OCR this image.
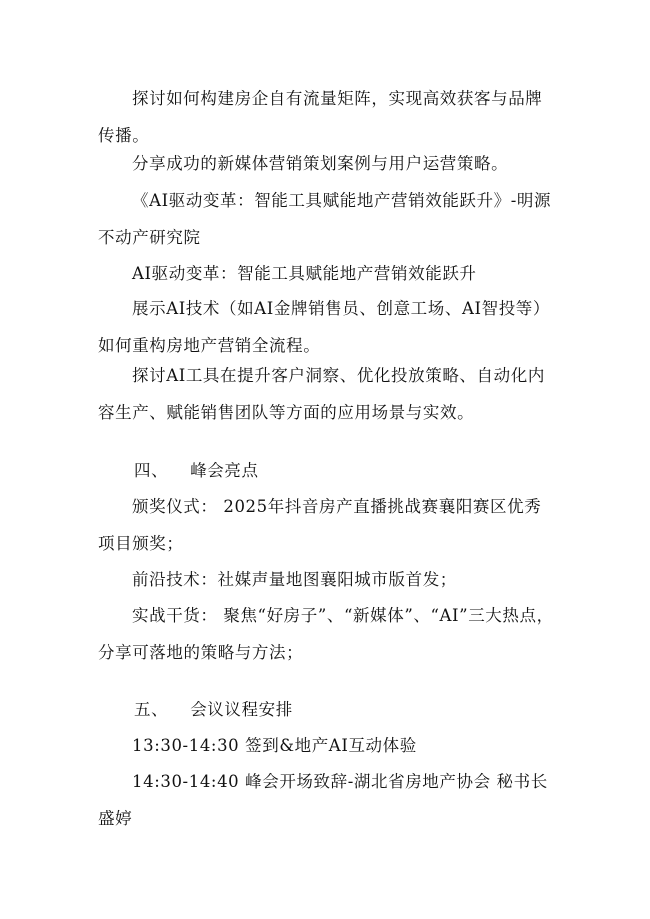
探讨如何构建房企自有流量矩阵，实现高效获客与品牌传播。

分享成功的新媒体营销策划案例与用户运营策略。

《AI驱动变革：智能工具赋能地产营销效能跃升》-明源不动产研究院

AI驱动变革：智能工具赋能地产营销效能跃升

展示AI技术（如AI金牌销售员、创意工场、AI智投等）如何重构房地产营销全流程。

探讨AI工具在提升客户洞察、优化投放策略、自动化内容生产、赋能销售团队等方面的应用场景与实效。

四、 峰会亮点

颁奖仪式： 2025年抖音房产直播挑战赛襄阳赛区优秀项目颁奖；

前沿技术：社媒声量地图襄阳城市版首发；

实战干货： 聚焦“好房子”、“新媒体”、“AI”三大热点，分享可落地的策略与方法；

五、 会议议程安排

13:30-14:30 签到&地产AI互动体验

14:30-14:40 峰会开场致辞-湖北省房地产协会 秘书长盛婷
